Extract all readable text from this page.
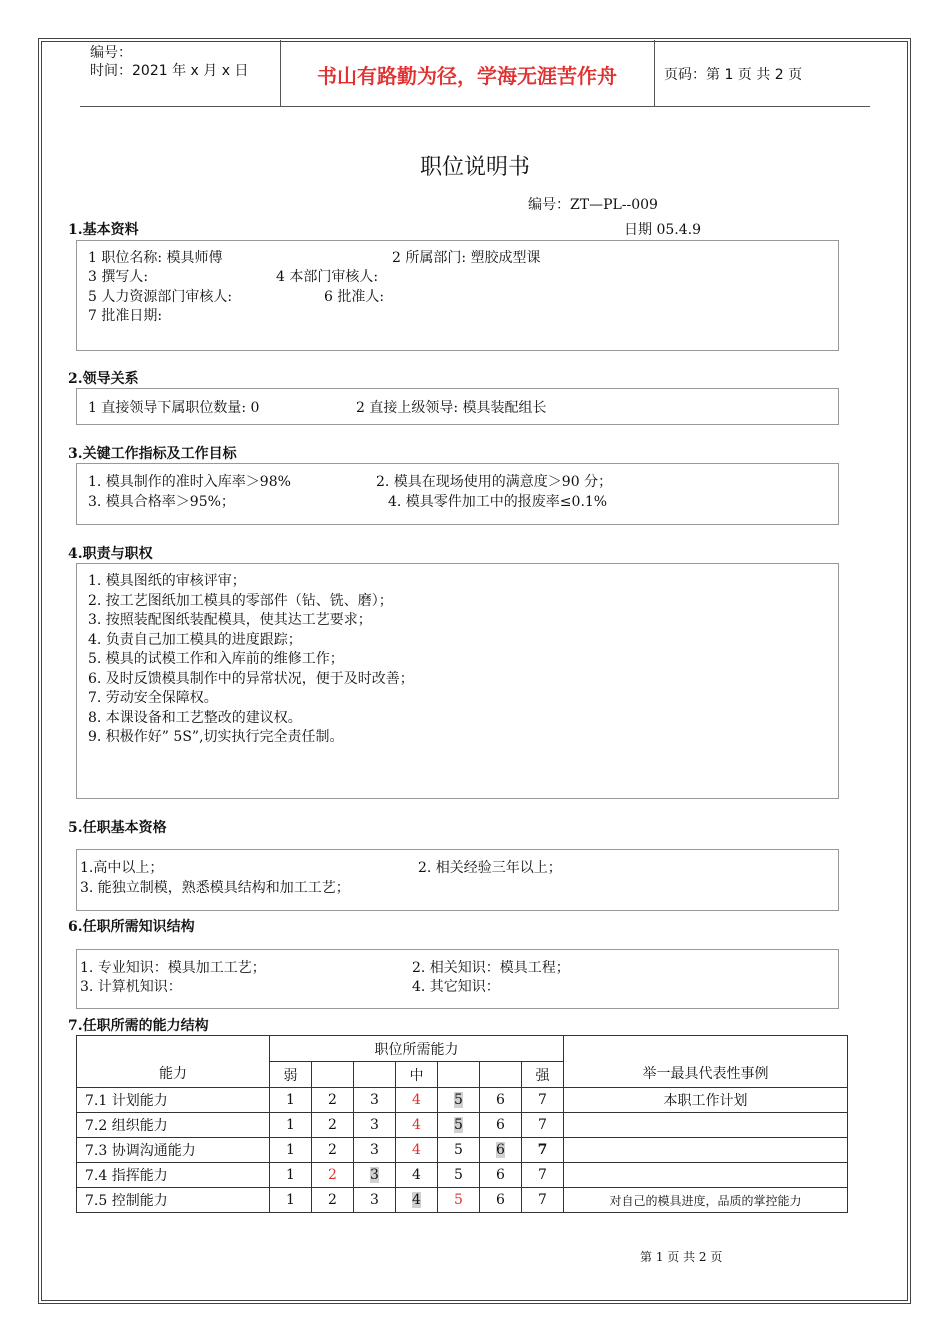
编号：
时间：2021 年 x 月 x 日	书山有路勤为径，学海无涯苦作舟	页码：第 1 页 共 2 页
职位说明书
编号：ZT—PL--009
日期 05.4.9
1.基本资料
1 职位名称: 模具师傅	2 所属部门: 塑胶成型课
3 撰写人:	4 本部门审核人:
5 人力资源部门审核人:	6 批准人:
7 批准日期:
2.领导关系
1 直接领导下属职位数量: 0	2 直接上级领导: 模具装配组长
3.关键工作指标及工作目标
1. 模具制作的准时入库率＞98%	2. 模具在现场使用的满意度＞90 分；
3. 模具合格率＞95%；	4. 模具零件加工中的报废率≤0.1%
4.职责与职权
1. 模具图纸的审核评审；
2. 按工艺图纸加工模具的零部件（钻、铣、磨）；
3. 按照装配图纸装配模具，使其达工艺要求；
4. 负责自己加工模具的进度跟踪；
5. 模具的试模工作和入库前的维修工作；
6. 及时反馈模具制作中的异常状况，便于及时改善；
7. 劳动安全保障权。
8. 本课设备和工艺整改的建议权。
9. 积极作好” 5S”,切实执行完全责任制。
5.任职基本资格
1.高中以上；	2. 相关经验三年以上；
3. 能独立制模，熟悉模具结构和加工工艺；
6.任职所需知识结构
1. 专业知识：模具加工工艺；	2. 相关知识：模具工程；
3. 计算机知识：	4. 其它知识：
7.任职所需的能力结构
能力	职位所需能力							举一最具代表性事例
	弱			中			强	
7.1 计划能力	1	2	3	4	5	6	7	本职工作计划
7.2 组织能力	1	2	3	4	5	6	7	
7.3 协调沟通能力	1	2	3	4	5	6	7	
7.4 指挥能力	1	2	3	4	5	6	7	
7.5 控制能力	1	2	3	4	5	6	7	对自己的模具进度，品质的掌控能力
第 1 页 共 2 页
